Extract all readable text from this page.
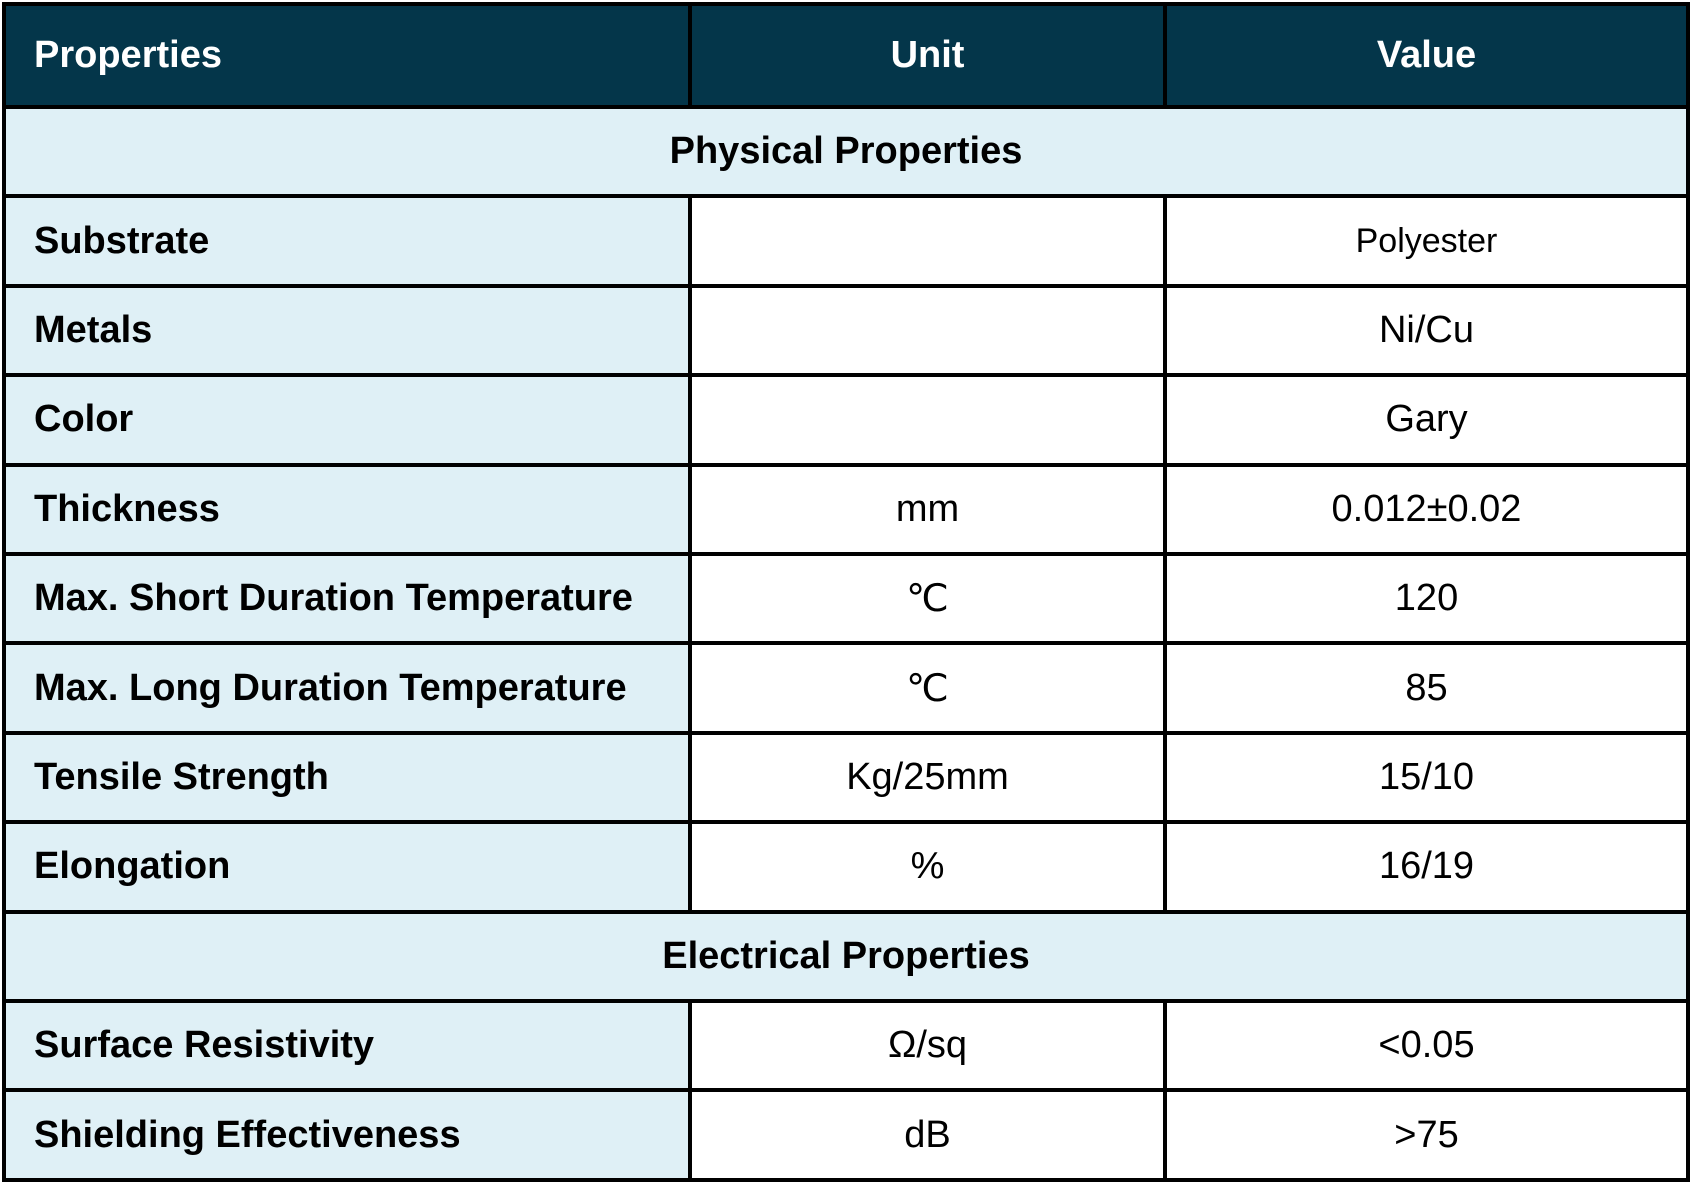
Properties	Unit	Value
Physical Properties		
Substrate		Polyester
Metals		Ni/Cu
Color		Gary
Thickness	mm	0.012±0.02
Max. Short Duration Temperature	℃	120
Max. Long Duration Temperature	℃	85
Tensile Strength	Kg/25mm	15/10
Elongation	%	16/19
Electrical Properties		
Surface Resistivity	Ω/sq	<0.05
Shielding Effectiveness	dB	>75
